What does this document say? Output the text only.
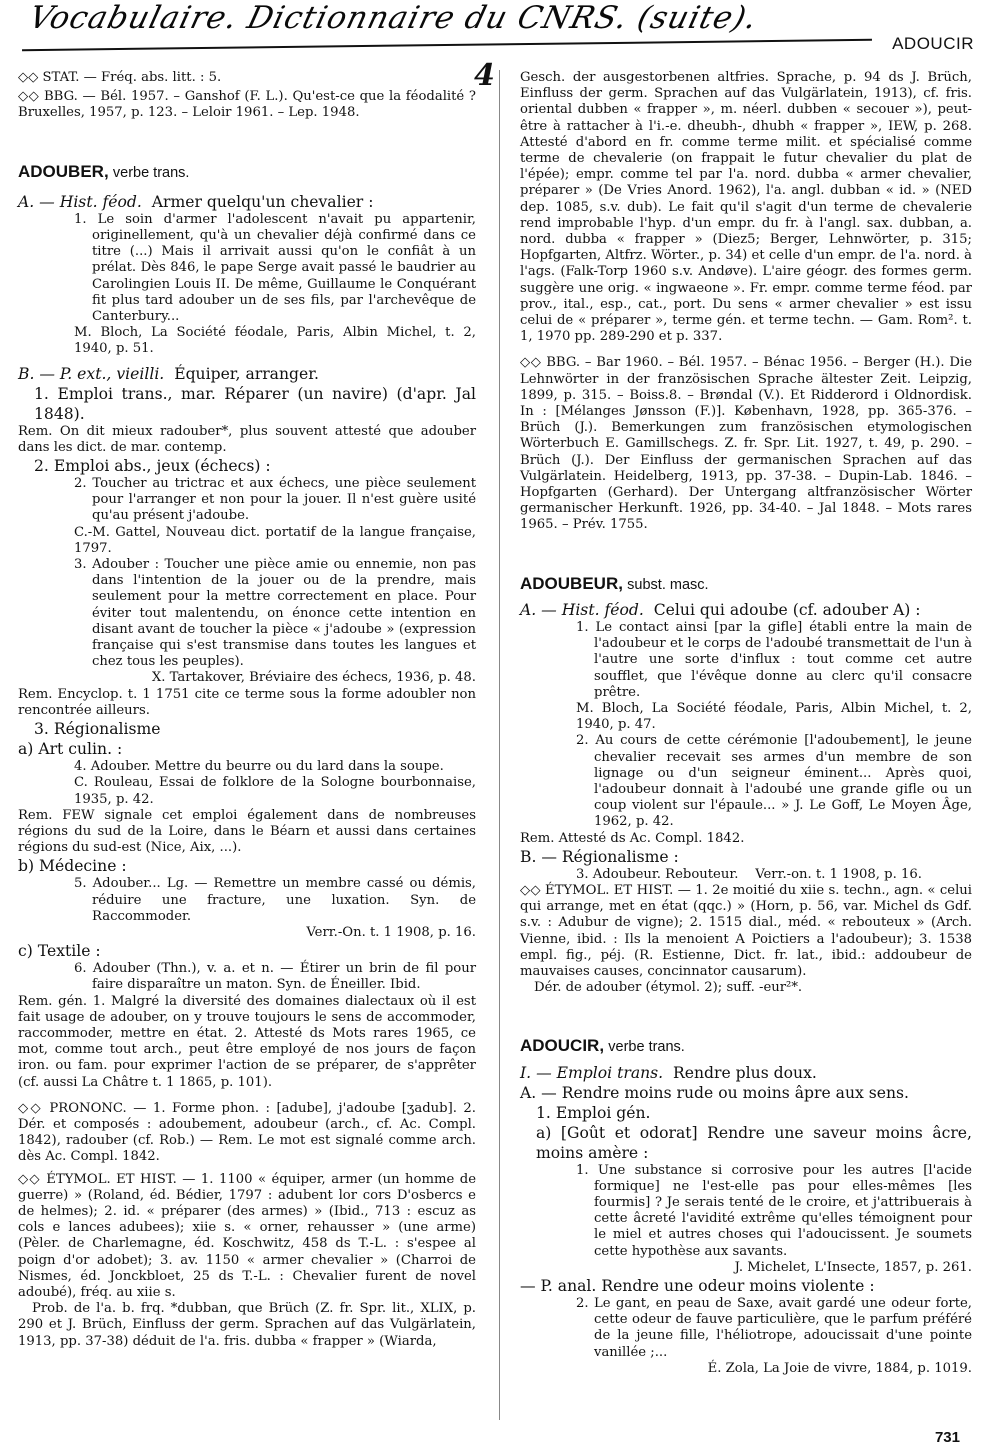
Vocabulaire. Dictionnaire du CNRS. (suite).
ADOUCIR
4

◇◇ STAT. — Fréq. abs. litt. : 5.

◇◇ BBG. — Bél. 1957. – Ganshof (F. L.). Qu'est-ce que la féodalité ? Bruxelles, 1957, p. 123. – Leloir 1961. – Lep. 1948.

ADOUBER, verbe trans.

A. — Hist. féod. Armer quelqu'un chevalier :

1. Le soin d'armer l'adolescent n'avait pu appartenir, originellement, qu'à un chevalier déjà confirmé dans ce titre (...) Mais il arrivait aussi qu'on le confiât à un prélat. Dès 846, le pape Serge avait passé le baudrier au Carolingien Louis II. De même, Guillaume le Conquérant fit plus tard adouber un de ses fils, par l'archevêque de Canterbury...

M. Bloch, La Société féodale, Paris, Albin Michel, t. 2, 1940, p. 51.

B. — P. ext., vieilli. Équiper, arranger.

1. Emploi trans., mar. Réparer (un navire) (d'apr. Jal 1848).

Rem. On dit mieux radouber*, plus souvent attesté que adouber dans les dict. de mar. contemp.

2. Emploi abs., jeux (échecs) :

2. Toucher au trictrac et aux échecs, une pièce seulement pour l'arranger et non pour la jouer. Il n'est guère usité qu'au présent j'adoube.

C.-M. Gattel, Nouveau dict. portatif de la langue française, 1797.

3. Adouber : Toucher une pièce amie ou ennemie, non pas dans l'intention de la jouer ou de la prendre, mais seulement pour la mettre correctement en place. Pour éviter tout malentendu, on énonce cette intention en disant avant de toucher la pièce « j'adoube » (expression française qui s'est transmise dans toutes les langues et chez tous les peuples).

X. Tartakover, Bréviaire des échecs, 1936, p. 48.

Rem. Encyclop. t. 1 1751 cite ce terme sous la forme adoubler non rencontrée ailleurs.

3. Régionalisme

a) Art culin. :

4. Adouber. Mettre du beurre ou du lard dans la soupe.

C. Rouleau, Essai de folklore de la Sologne bourbonnaise, 1935, p. 42.

Rem. FEW signale cet emploi également dans de nombreuses régions du sud de la Loire, dans le Béarn et aussi dans certaines régions du sud-est (Nice, Aix, ...).

b) Médecine :

5. Adouber... Lg. — Remettre un membre cassé ou démis, réduire une fracture, une luxation. Syn. de Raccommoder.

Verr.-On. t. 1 1908, p. 16.

c) Textile :

6. Adouber (Thn.), v. a. et n. — Étirer un brin de fil pour faire disparaître un maton. Syn. de Éneiller. Ibid.

Rem. gén. 1. Malgré la diversité des domaines dialectaux où il est fait usage de adouber, on y trouve toujours le sens de accommoder, raccommoder, mettre en état. 2. Attesté ds Mots rares 1965, ce mot, comme tout arch., peut être employé de nos jours de façon iron. ou fam. pour exprimer l'action de se préparer, de s'apprêter (cf. aussi La Châtre t. 1 1865, p. 101).

◇◇ PRONONC. — 1. Forme phon. : [adube], j'adoube [ʒadub]. 2. Dér. et composés : adoubement, adoubeur (arch., cf. Ac. Compl. 1842), radouber (cf. Rob.) — Rem. Le mot est signalé comme arch. dès Ac. Compl. 1842.

◇◇ ÉTYMOL. ET HIST. — 1. 1100 « équiper, armer (un homme de guerre) » (Roland, éd. Bédier, 1797 : adubent lor cors D'osbercs e de helmes); 2. id. « préparer (des armes) » (Ibid., 713 : escuz as cols e lances adubees); xiie s. « orner, rehausser » (une arme) (Pèler. de Charlemagne, éd. Koschwitz, 458 ds T.-L. : s'espee al poign d'or adobet); 3. av. 1150 « armer chevalier » (Charroi de Nismes, éd. Jonckbloet, 25 ds T.-L. : Chevalier furent de novel adoubé), fréq. au xiie s.

Prob. de l'a. b. frq. *dubban, que Brüch (Z. fr. Spr. lit., XLIX, p. 290 et J. Brüch, Einfluss der germ. Sprachen auf das Vulgärlatein, 1913, pp. 37-38) déduit de l'a. fris. dubba « frapper » (Wiarda,

Gesch. der ausgestorbenen altfries. Sprache, p. 94 ds J. Brüch, Einfluss der germ. Sprachen auf das Vulgärlatein, 1913), cf. fris. oriental dubben « frapper », m. néerl. dubben « secouer »), peut-être à rattacher à l'i.-e. dheubh-, dhubh « frapper », IEW, p. 268. Attesté d'abord en fr. comme terme milit. et spécialisé comme terme de chevalerie (on frappait le futur chevalier du plat de l'épée); empr. comme tel par l'a. nord. dubba « armer chevalier, préparer » (De Vries Anord. 1962), l'a. angl. dubban « id. » (NED dep. 1085, s.v. dub). Le fait qu'il s'agit d'un terme de chevalerie rend improbable l'hyp. d'un empr. du fr. à l'angl. sax. dubban, a. nord. dubba « frapper » (Diez5; Berger, Lehnwörter, p. 315; Hopfgarten, Altfrz. Wörter., p. 34) et celle d'un empr. de l'a. nord. à l'ags. (Falk-Torp 1960 s.v. Andøve). L'aire géogr. des formes germ. suggère une orig. « ingwaeone ». Fr. empr. comme terme féod. par prov., ital., esp., cat., port. Du sens « armer chevalier » est issu celui de « préparer », terme gén. et terme techn. — Gam. Rom². t. 1, 1970 pp. 289-290 et p. 337.

◇◇ BBG. – Bar 1960. – Bél. 1957. – Bénac 1956. – Berger (H.). Die Lehnwörter in der französischen Sprache ältester Zeit. Leipzig, 1899, p. 315. – Boiss.8. – Brøndal (V.). Et Ridderord i Oldnordisk. In : [Mélanges Jønsson (F.)]. København, 1928, pp. 365-376. – Brüch (J.). Bemerkungen zum französischen etymologischen Wörterbuch E. Gamillschegs. Z. fr. Spr. Lit. 1927, t. 49, p. 290. – Brüch (J.). Der Einfluss der germanischen Sprachen auf das Vulgärlatein. Heidelberg, 1913, pp. 37-38. – Dupin-Lab. 1846. – Hopfgarten (Gerhard). Der Untergang altfranzösischer Wörter germanischer Herkunft. 1926, pp. 34-40. – Jal 1848. – Mots rares 1965. – Prév. 1755.

ADOUBEUR, subst. masc.

A. — Hist. féod. Celui qui adoube (cf. adouber A) :

1. Le contact ainsi [par la gifle] établi entre la main de l'adoubeur et le corps de l'adoubé transmettait de l'un à l'autre une sorte d'influx : tout comme cet autre soufflet, que l'évêque donne au clerc qu'il consacre prêtre.

M. Bloch, La Société féodale, Paris, Albin Michel, t. 2, 1940, p. 47.

2. Au cours de cette cérémonie [l'adoubement], le jeune chevalier recevait ses armes d'un membre de son lignage ou d'un seigneur éminent... Après quoi, l'adoubeur donnait à l'adoubé une grande gifle ou un coup violent sur l'épaule... » J. Le Goff, Le Moyen Âge, 1962, p. 42.

Rem. Attesté ds Ac. Compl. 1842.

B. — Régionalisme :

3. Adoubeur. Rebouteur. Verr.-on. t. 1 1908, p. 16.

◇◇ ÉTYMOL. ET HIST. — 1. 2e moitié du xiie s. techn., agn. « celui qui arrange, met en état (qqc.) » (Horn, p. 56, var. Michel ds Gdf. s.v. : Adubur de vigne); 2. 1515 dial., méd. « rebouteux » (Arch. Vienne, ibid. : Ils la menoient A Poictiers a l'adoubeur); 3. 1538 empl. fig., péj. (R. Estienne, Dict. fr. lat., ibid.: addoubeur de mauvaises causes, concinnator causarum).

Dér. de adouber (étymol. 2); suff. -eur²*.

ADOUCIR, verbe trans.

I. — Emploi trans. Rendre plus doux.

A. — Rendre moins rude ou moins âpre aux sens.

1. Emploi gén.

a) [Goût et odorat] Rendre une saveur moins âcre, moins amère :

1. Une substance si corrosive pour les autres [l'acide formique] ne l'est-elle pas pour elles-mêmes [les fourmis] ? Je serais tenté de le croire, et j'attribuerais à cette âcreté l'avidité extrême qu'elles témoignent pour le miel et autres choses qui l'adoucissent. Je soumets cette hypothèse aux savants.

J. Michelet, L'Insecte, 1857, p. 261.

— P. anal. Rendre une odeur moins violente :

2. Le gant, en peau de Saxe, avait gardé une odeur forte, cette odeur de fauve particulière, que le parfum préféré de la jeune fille, l'héliotrope, adoucissait d'une pointe vanillée ;...

É. Zola, La Joie de vivre, 1884, p. 1019.

731
